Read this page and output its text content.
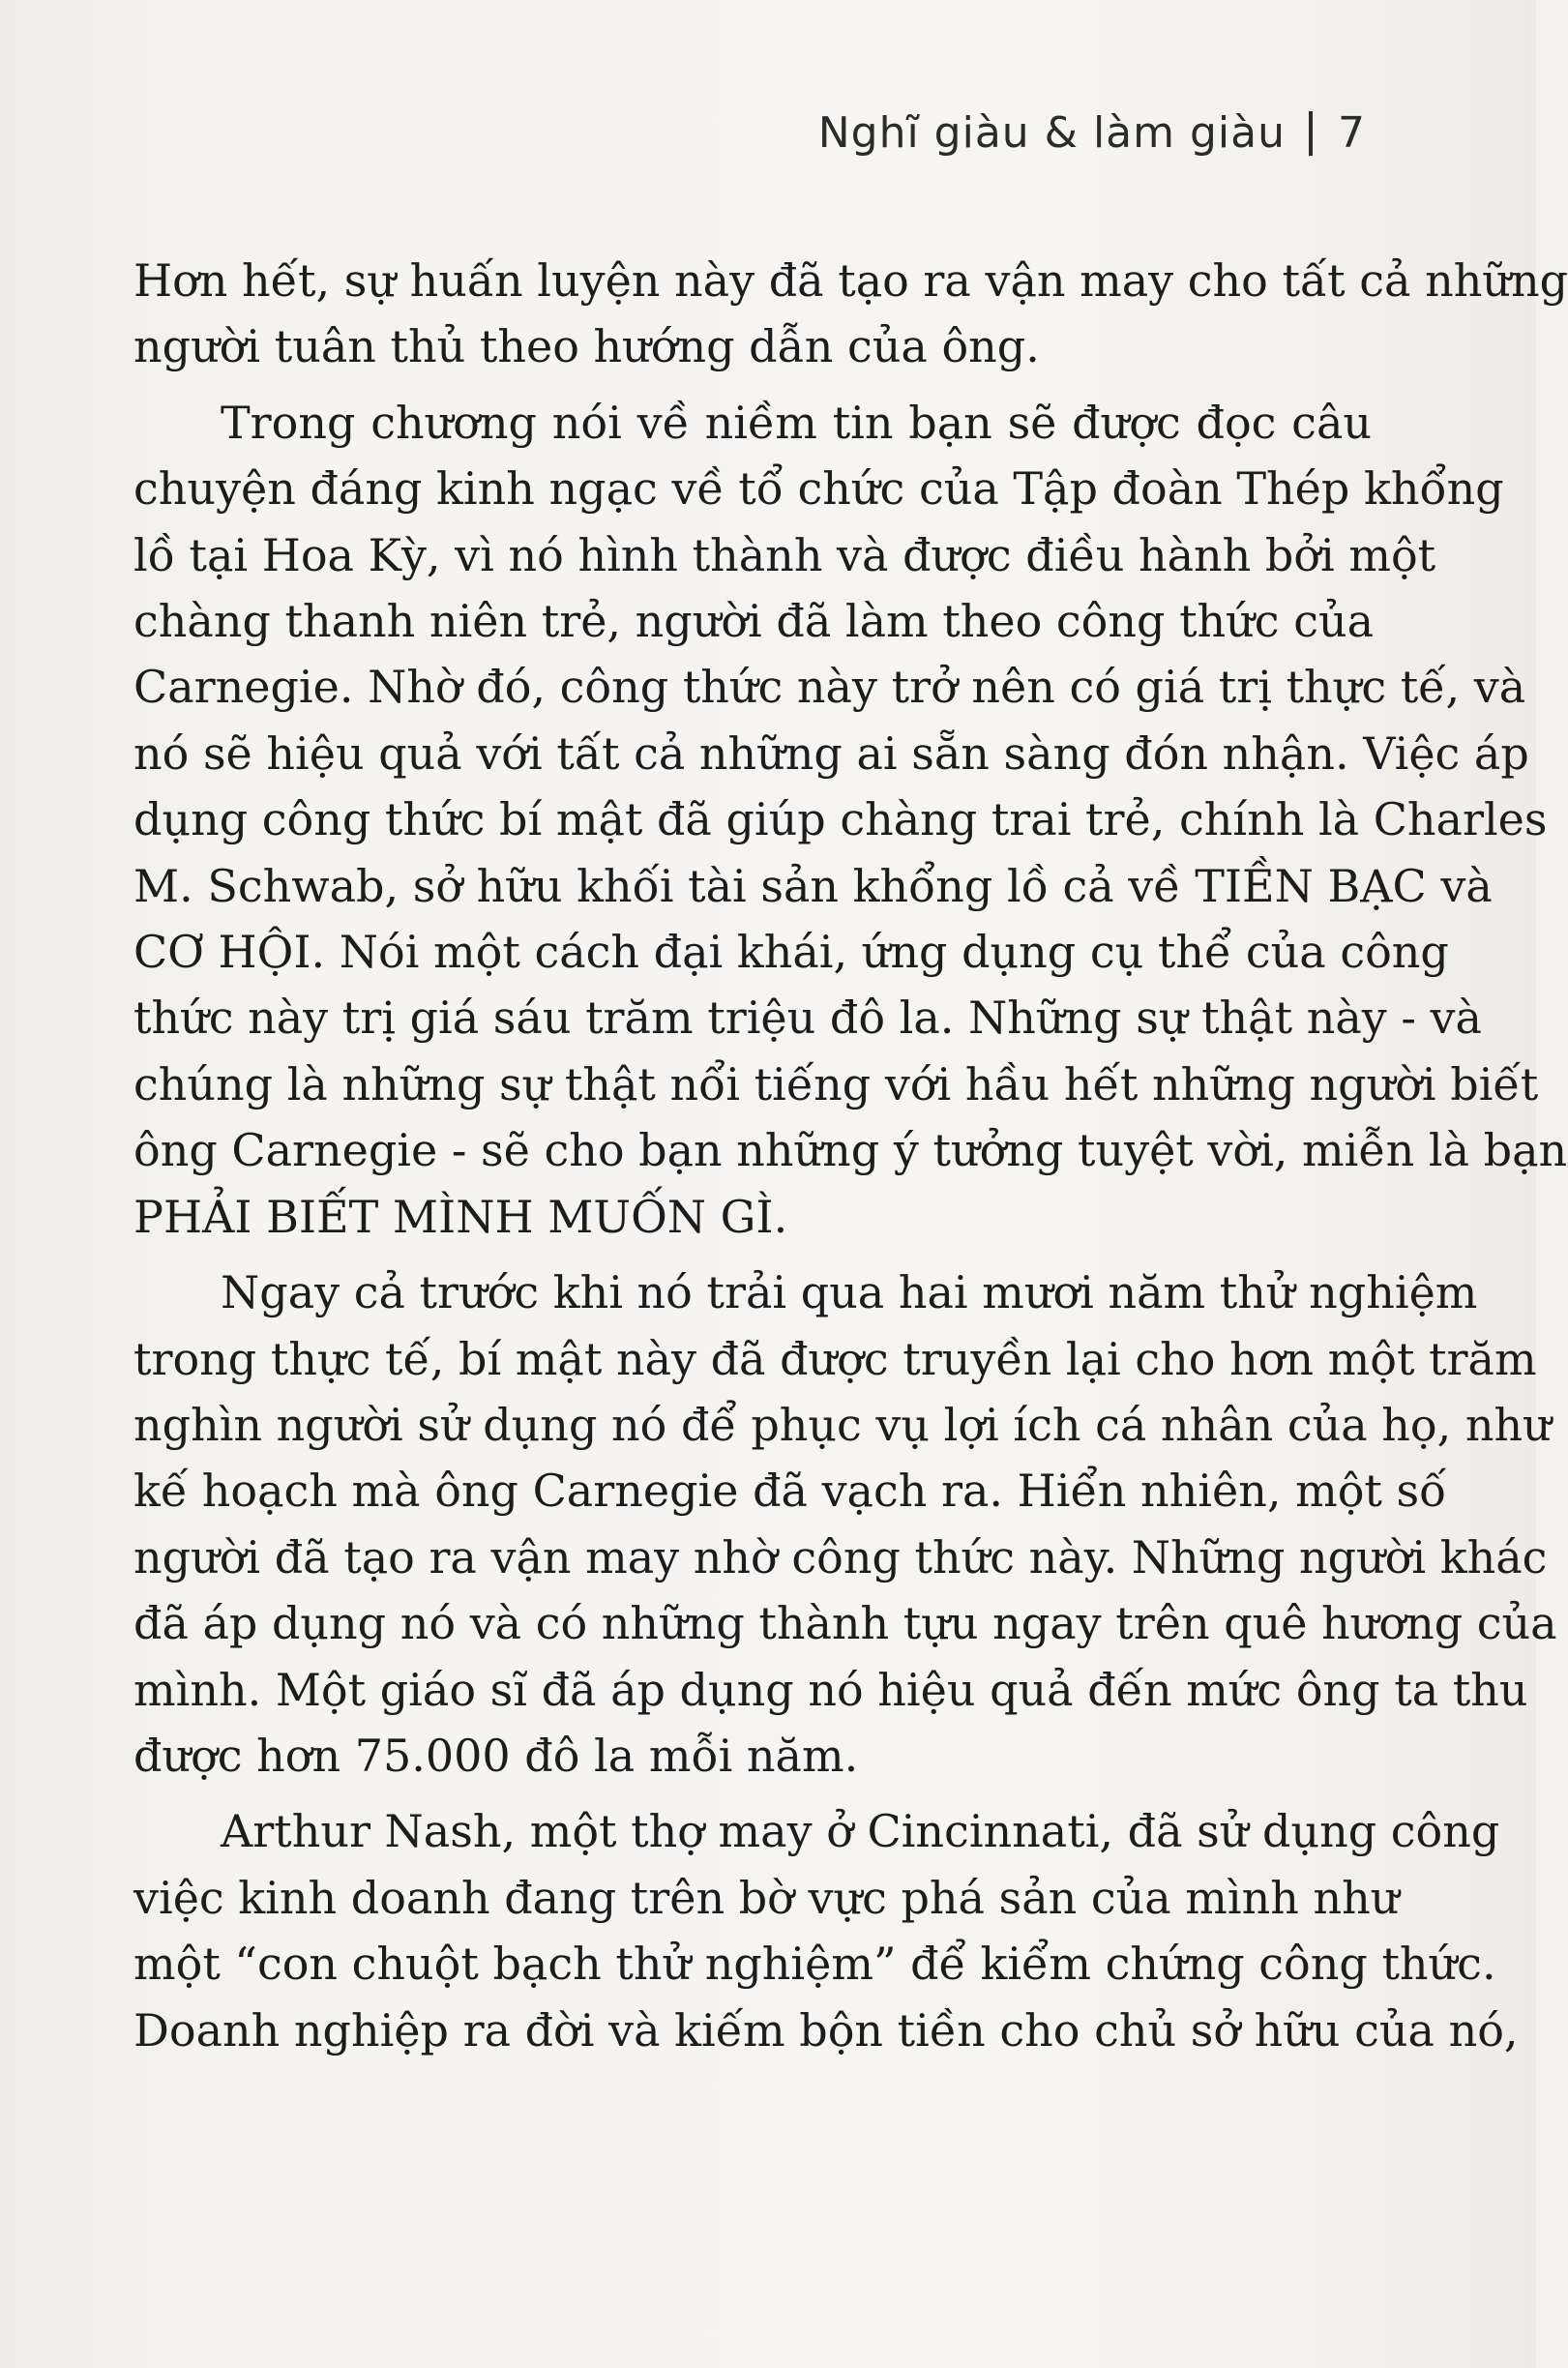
Nghĩ giàu & làm giàu 7
Hơn hết, sự huấn luyện này đã tạo ra vận may cho tất cả những
người tuân thủ theo hướng dẫn của ông.
Trong chương nói về niềm tin bạn sẽ được đọc câu
chuyện đáng kinh ngạc về tổ chức của Tập đoàn Thép khổng
lồ tại Hoa Kỳ, vì nó hình thành và được điều hành bởi một
chàng thanh niên trẻ, người đã làm theo công thức của
Carnegie. Nhờ đó, công thức này trở nên có giá trị thực tế, và
nó sẽ hiệu quả với tất cả những ai sẵn sàng đón nhận. Việc áp
dụng công thức bí mật đã giúp chàng trai trẻ, chính là Charles
M. Schwab, sở hữu khối tài sản khổng lồ cả về TIỀN BẠC và
CƠ HỘI. Nói một cách đại khái, ứng dụng cụ thể của công
thức này trị giá sáu trăm triệu đô la. Những sự thật này - và
chúng là những sự thật nổi tiếng với hầu hết những người biết
ông Carnegie - sẽ cho bạn những ý tưởng tuyệt vời, miễn là bạn
PHẢI BIẾT MÌNH MUỐN GÌ.
Ngay cả trước khi nó trải qua hai mươi năm thử nghiệm
trong thực tế, bí mật này đã được truyền lại cho hơn một trăm
nghìn người sử dụng nó để phục vụ lợi ích cá nhân của họ, như
kế hoạch mà ông Carnegie đã vạch ra. Hiển nhiên, một số
người đã tạo ra vận may nhờ công thức này. Những người khác
đã áp dụng nó và có những thành tựu ngay trên quê hương của
mình. Một giáo sĩ đã áp dụng nó hiệu quả đến mức ông ta thu
được hơn 75.000 đô la mỗi năm.
Arthur Nash, một thợ may ở Cincinnati, đã sử dụng công
việc kinh doanh đang trên bờ vực phá sản của mình như
một “con chuột bạch thử nghiệm” để kiểm chứng công thức.
Doanh nghiệp ra đời và kiếm bộn tiền cho chủ sở hữu của nó,
